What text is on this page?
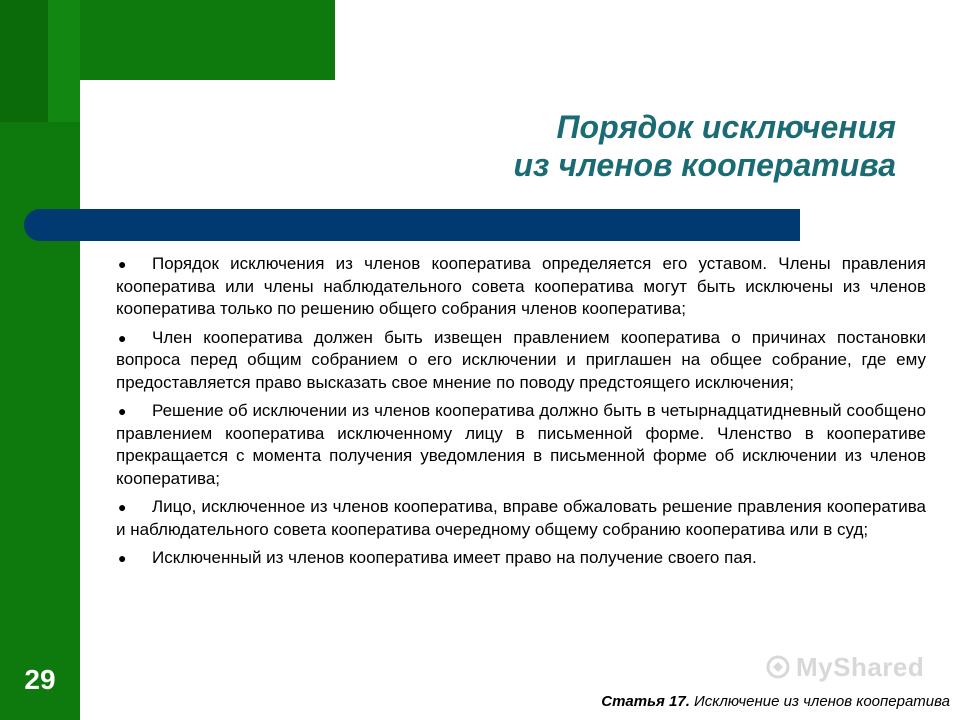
Порядок исключения
из членов кооператива

● Порядок исключения из членов кооператива определяется его уставом. Члены правления кооператива или члены наблюдательного совета кооператива могут быть исключены из членов кооператива только по решению общего собрания членов кооператива;

● Член кооператива должен быть извещен правлением кооператива о причинах постановки вопроса перед общим собранием о его исключении и приглашен на общее собрание, где ему предоставляется право высказать свое мнение по поводу предстоящего исключения;

● Решение об исключении из членов кооператива должно быть в четырнадцатидневный сообщено правлением кооператива исключенному лицу в письменной форме. Членство в кооперативе прекращается с момента получения уведомления в письменной форме об исключении из членов кооператива;

● Лицо, исключенное из членов кооператива, вправе обжаловать решение правления кооператива и наблюдательного совета кооператива очередному общему собранию кооператива или в суд;

● Исключенный из членов кооператива имеет право на получение своего пая.

MyShared
29
Статья 17. Исключение из членов кооператива
